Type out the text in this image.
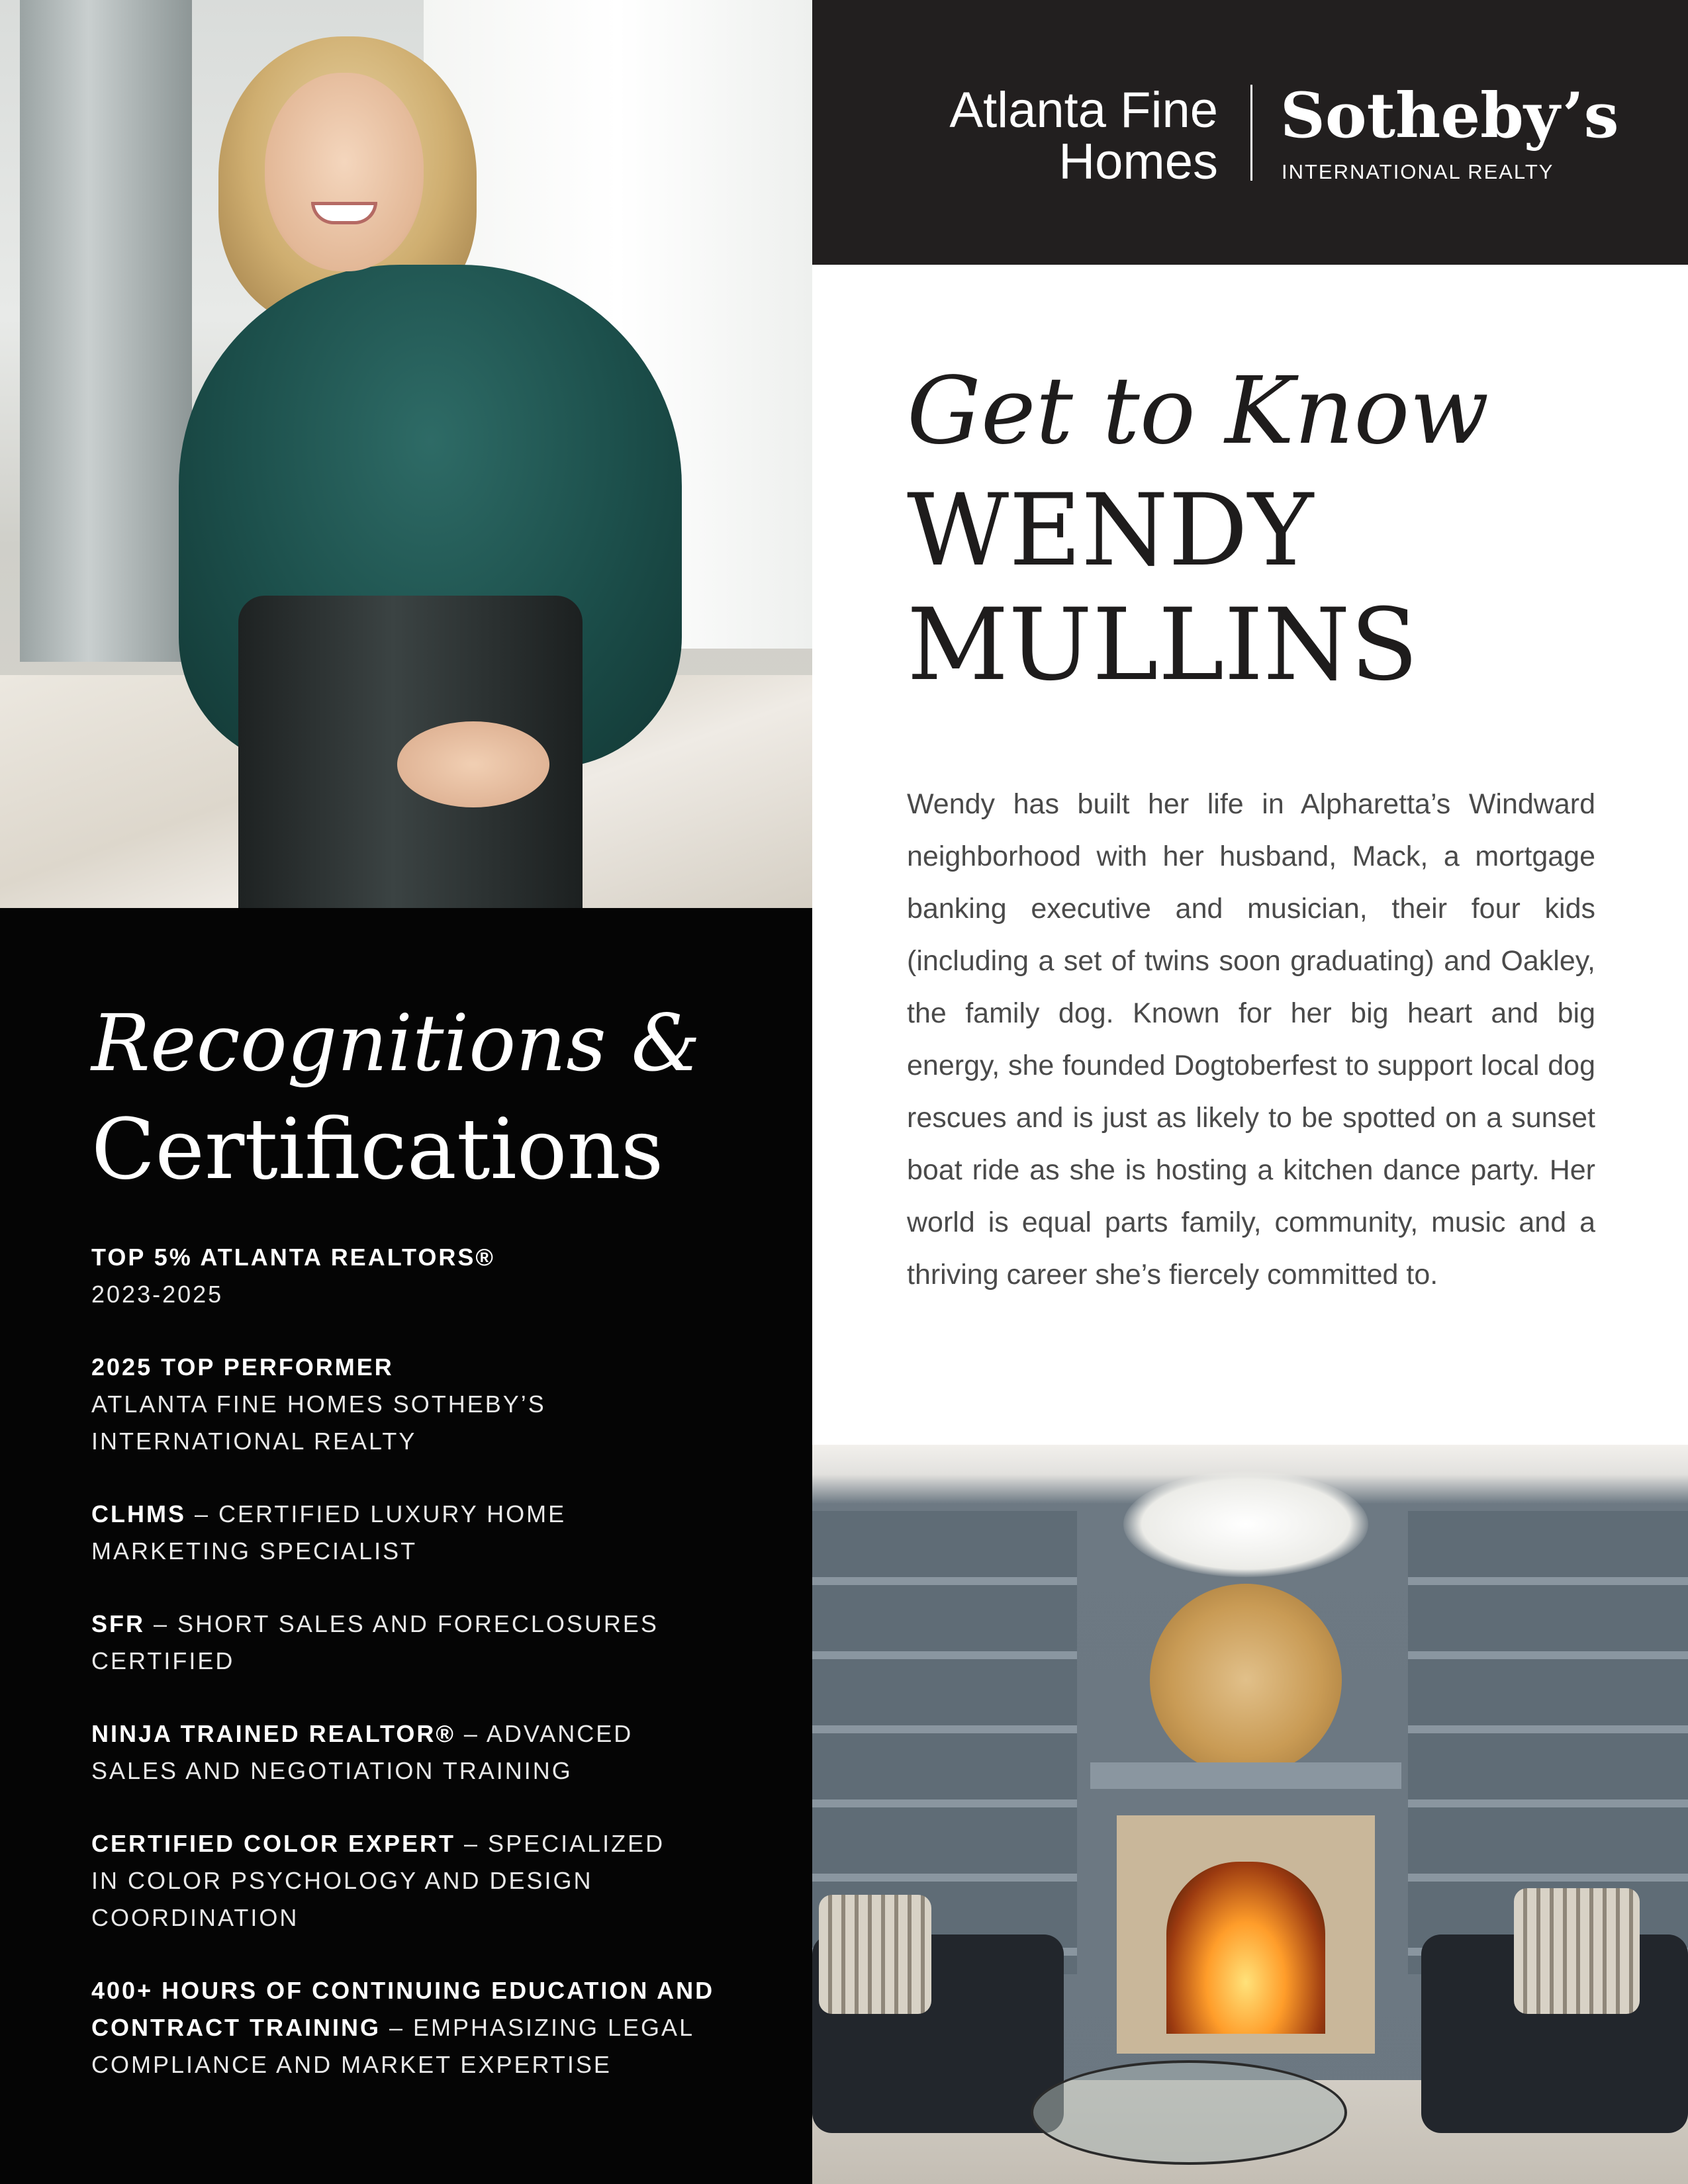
Recognitions &
Certifications
TOP 5% ATLANTA REALTORS®
2023-2025
2025 TOP PERFORMER
ATLANTA FINE HOMES SOTHEBY’S INTERNATIONAL REALTY
CLHMS – CERTIFIED LUXURY HOME MARKETING SPECIALIST
SFR – SHORT SALES AND FORECLOSURES CERTIFIED
NINJA TRAINED REALTOR® – ADVANCED SALES AND NEGOTIATION TRAINING
CERTIFIED COLOR EXPERT – SPECIALIZED IN COLOR PSYCHOLOGY AND DESIGN COORDINATION
400+ HOURS OF CONTINUING EDUCATION AND CONTRACT TRAINING – EMPHASIZING LEGAL COMPLIANCE AND MARKET EXPERTISE
Atlanta Fine
Homes
Sotheby’s
INTERNATIONAL REALTY
Get to Know
WENDY
MULLINS
Wendy has built her life in Alpharetta’s Windward neighborhood with her husband, Mack, a mortgage banking executive and musician, their four kids (including a set of twins soon graduating) and Oakley, the family dog. Known for her big heart and big energy, she founded Dogtoberfest to support local dog rescues and is just as likely to be spotted on a sunset boat ride as she is hosting a kitchen dance party. Her world is equal parts family, community, music and a thriving career she’s fiercely committed to.
